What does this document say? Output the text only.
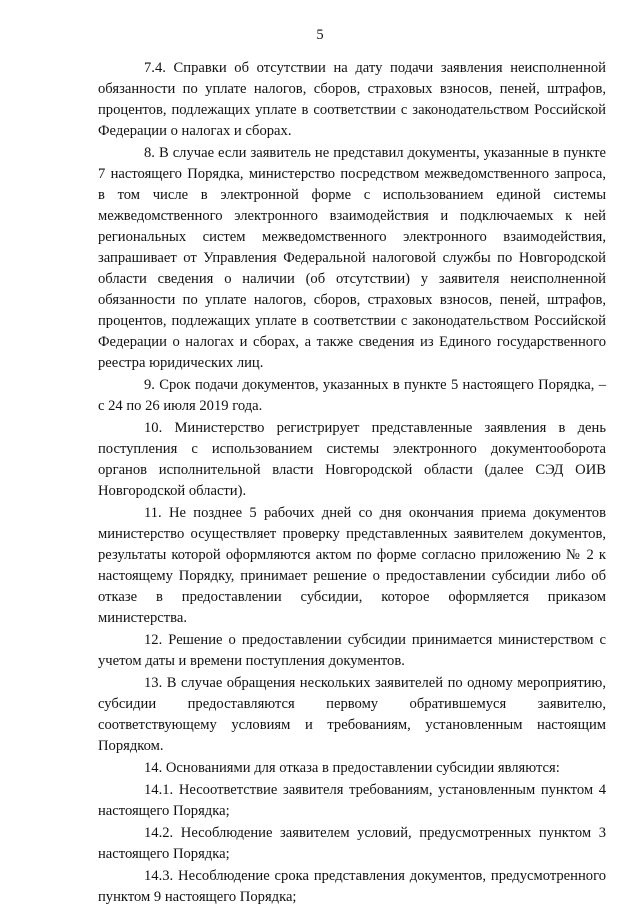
5

7.4. Справки об отсутствии на дату подачи заявления неисполненной обязанности по уплате налогов, сборов, страховых взносов, пеней, штрафов, процентов, подлежащих уплате в соответствии с законодательством Российской Федерации о налогах и сборах.

8. В случае если заявитель не представил документы, указанные в пункте 7 настоящего Порядка, министерство посредством межведомственного запроса, в том числе в электронной форме с использованием единой системы межведомственного электронного взаимодействия и подключаемых к ней региональных систем межведомственного электронного взаимодействия, запрашивает от Управления Федеральной налоговой службы по Новгородской области сведения о наличии (об отсутствии) у заявителя неисполненной обязанности по уплате налогов, сборов, страховых взносов, пеней, штрафов, процентов, подлежащих уплате в соответствии с законодательством Российской Федерации о налогах и сборах, а также сведения из Единого государственного реестра юридических лиц.

9. Срок подачи документов, указанных в пункте 5 настоящего Порядка, – с 24 по 26 июля 2019 года.

10. Министерство регистрирует представленные заявления в день поступления с использованием системы электронного документооборота органов исполнительной власти Новгородской области (далее СЭД ОИВ Новгородской области).

11. Не позднее 5 рабочих дней со дня окончания приема документов министерство осуществляет проверку представленных заявителем документов, результаты которой оформляются актом по форме согласно приложению № 2 к настоящему Порядку, принимает решение о предоставлении субсидии либо об отказе в предоставлении субсидии, которое оформляется приказом министерства.

12. Решение о предоставлении субсидии принимается министерством с учетом даты и времени поступления документов.

13. В случае обращения нескольких заявителей по одному мероприятию, субсидии предоставляются первому обратившемуся заявителю, соответствующему условиям и требованиям, установленным настоящим Порядком.

14. Основаниями для отказа в предоставлении субсидии являются:

14.1. Несоответствие заявителя требованиям, установленным пунктом 4 настоящего Порядка;

14.2. Несоблюдение заявителем условий, предусмотренных пунктом 3 настоящего Порядка;

14.3. Несоблюдение срока представления документов, предусмотренного пунктом 9 настоящего Порядка;
